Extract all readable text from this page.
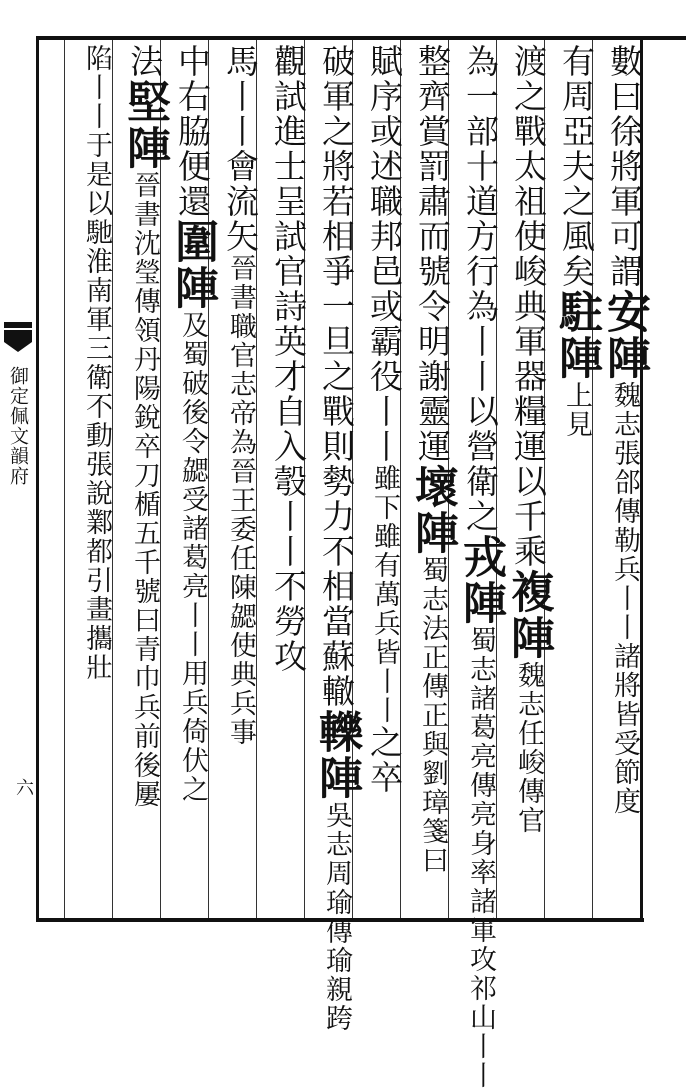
御定佩文韻府
六
數曰徐將軍可謂安陣魏志張郃傳勒兵丨丨諸將皆受節度
有周亞夫之風矣駐陣上見
渡之戰太祖使峻典軍器糧運以千乘複陣魏志任峻傳官
為一部十道方行為丨丨以營衛之戎陣蜀志諸葛亮傳亮身率諸軍攻祁山丨丨
整齊賞罰肅而號令明謝靈運壞陣蜀志法正傳正與劉璋箋曰
賦序或述職邦邑或霸役丨丨雖下雖有萬兵皆丨丨之卒
破軍之將若相爭一旦之戰則勢力不相當蘇轍轢陣吳志周瑜傳瑜親跨
觀試進士呈試官詩英才自入彀丨丨不勞攻
馬丨丨會流矢晉書職官志帝為晉王委任陳勰使典兵事
中右脇便還圍陣及蜀破後令勰受諸葛亮丨丨用兵倚伏之
法堅陣晉書沈瑩傳領丹陽銳卒刀楯五千號曰青巾兵前後屢
陷丨丨于是以馳淮南軍三衛不動張說鄴都引畫攜壯
